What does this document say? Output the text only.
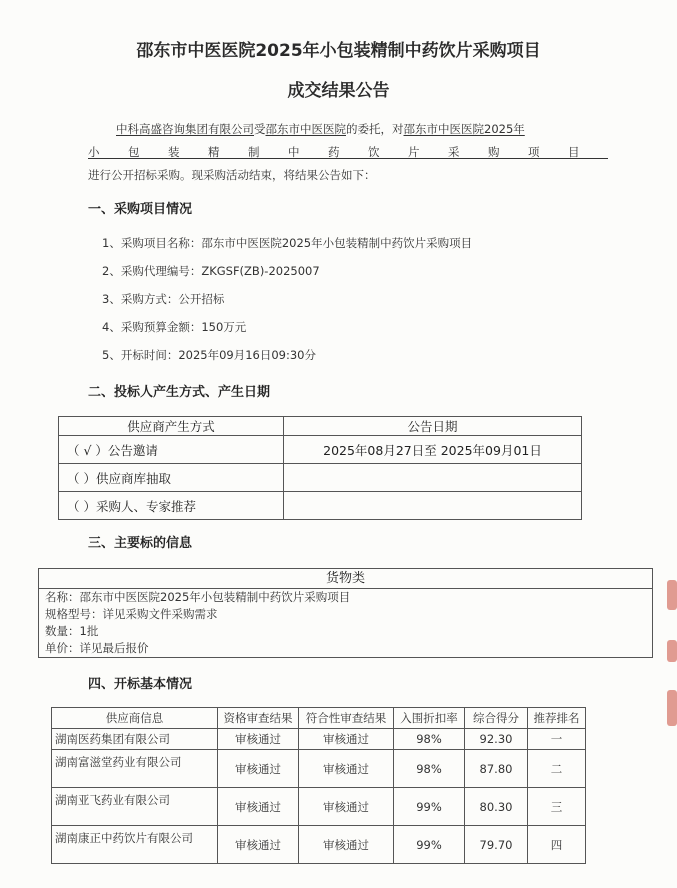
邵东市中医医院2025年小包装精制中药饮片采购项目
成交结果公告
中科高盛咨询集团有限公司受邵东市中医医院的委托，对邵东市中医医院2025年
小包装精制中药饮片采购项目
进行公开招标采购。现采购活动结束，将结果公告如下：
一、采购项目情况
1、采购项目名称：邵东市中医医院2025年小包装精制中药饮片采购项目
2、采购代理编号：ZKGSF(ZB)-2025007
3、采购方式：公开招标
4、采购预算金额：150万元
5、开标时间：2025年09月16日09:30分
二、投标人产生方式、产生日期
供应商产生方式	公告日期
（ √ ）公告邀请	2025年08月27日至 2025年09月01日
（ ）供应商库抽取	
（ ）采购人、专家推荐	
三、主要标的信息
货物类
名称：邵东市中医医院2025年小包装精制中药饮片采购项目
规格型号：详见采购文件采购需求
数量：1批
单价：详见最后报价
四、开标基本情况
供应商信息	资格审查结果	符合性审查结果	入围折扣率	综合得分	推荐排名
湖南医药集团有限公司	审核通过	审核通过	98%	92.30	一
湖南富滋堂药业有限公司	审核通过	审核通过	98%	87.80	二
湖南亚飞药业有限公司	审核通过	审核通过	99%	80.30	三
湖南康正中药饮片有限公司	审核通过	审核通过	99%	79.70	四
